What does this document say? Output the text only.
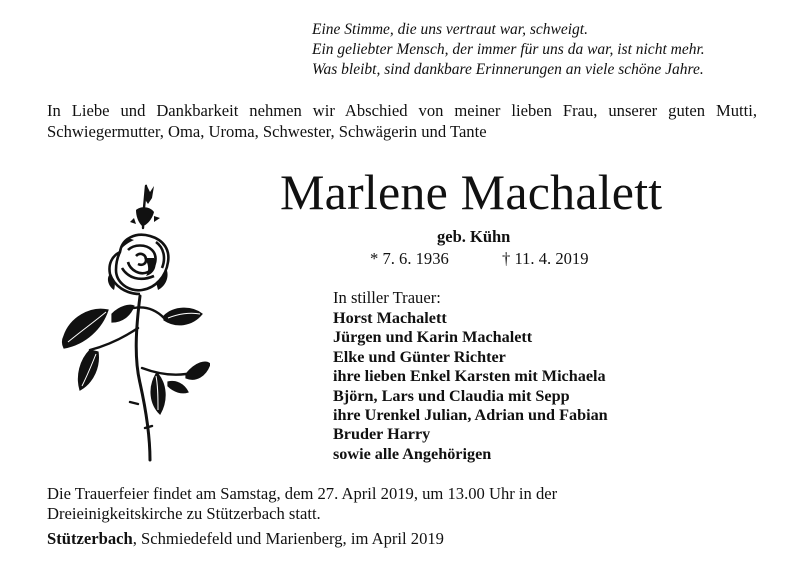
Eine Stimme, die uns vertraut war, schweigt.
Ein geliebter Mensch, der immer für uns da war, ist nicht mehr.
Was bleibt, sind dankbare Erinnerungen an viele schöne Jahre.
In Liebe und Dankbarkeit nehmen wir Abschied von meiner lieben Frau, unserer guten Mutti, Schwiegermutter, Oma, Uroma, Schwester, Schwägerin und Tante
Marlene Machalett
geb. Kühn
* 7. 6. 1936	† 11. 4. 2019
In stiller Trauer:
Horst Machalett
Jürgen und Karin Machalett
Elke und Günter Richter
ihre lieben Enkel Karsten mit Michaela
Björn, Lars und Claudia mit Sepp
ihre Urenkel Julian, Adrian und Fabian
Bruder Harry
sowie alle Angehörigen
Die Trauerfeier findet am Samstag, dem 27. April 2019, um 13.00 Uhr in der Dreieinigkeitskirche zu Stützerbach statt.
Stützerbach, Schmiedefeld und Marienberg, im April 2019
